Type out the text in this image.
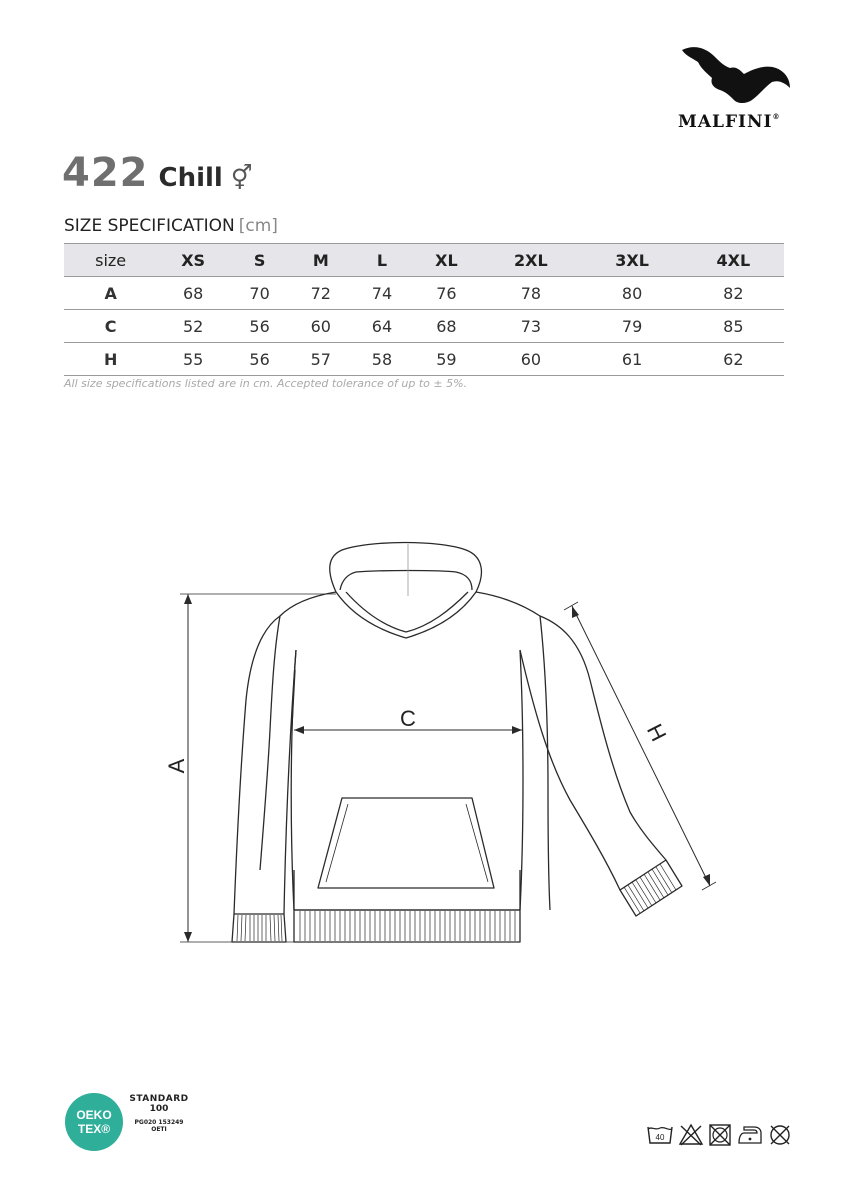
MALFINI®
422 Chill ⚥
SIZE SPECIFICATION [cm]
size	XS	S	M	L	XL	2XL	3XL	4XL
A	68	70	72	74	76	78	80	82
C	52	56	60	64	68	73	79	85
H	55	56	57	58	59	60	61	62
All size specifications listed are in cm. Accepted tolerance of up to ± 5%.
A
C
H
OEKO
TEX®
STANDARD
100
PG020 153249
OETI
40
